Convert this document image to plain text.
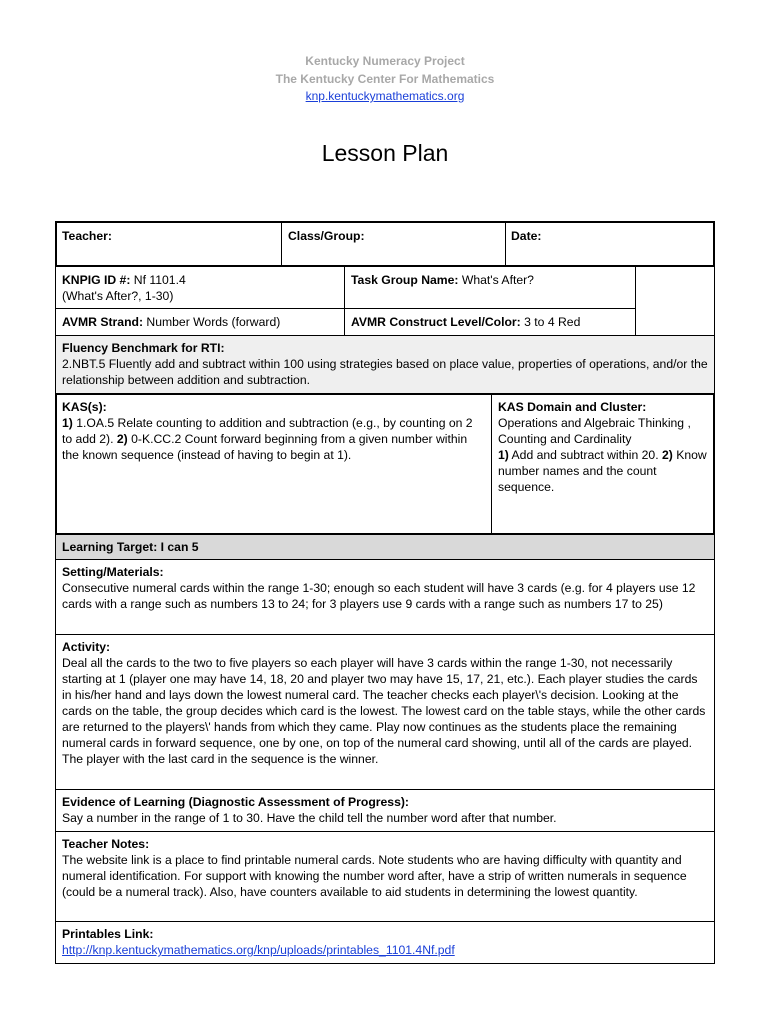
Kentucky Numeracy Project
The Kentucky Center For Mathematics
knp.kentuckymathematics.org
Lesson Plan
Teacher:	Class/Group:	Date:
KNPIG ID #: Nf 1101.4
(What's After?, 1-30)
Task Group Name: What's After?
AVMR Strand: Number Words (forward)	AVMR Construct Level/Color: 3 to 4 Red
Fluency Benchmark for RTI:
2.NBT.5 Fluently add and subtract within 100 using strategies based on place value, properties of operations, and/or the relationship between addition and subtraction.
KAS(s):
1) 1.OA.5 Relate counting to addition and subtraction (e.g., by counting on 2 to add 2). 2) 0-K.CC.2 Count forward beginning from a given number within the known sequence (instead of having to begin at 1).
KAS Domain and Cluster:
Operations and Algebraic Thinking , Counting and Cardinality
1) Add and subtract within 20. 2) Know number names and the count sequence.
Learning Target: I can 5
Setting/Materials:
Consecutive numeral cards within the range 1-30; enough so each student will have 3 cards (e.g. for 4 players use 12 cards with a range such as numbers 13 to 24; for 3 players use 9 cards with a range such as numbers 17 to 25)
Activity:
Deal all the cards to the two to five players so each player will have 3 cards within the range 1-30, not necessarily starting at 1 (player one may have 14, 18, 20 and player two may have 15, 17, 21, etc.). Each player studies the cards in his/her hand and lays down the lowest numeral card. The teacher checks each player\'s decision. Looking at the cards on the table, the group decides which card is the lowest. The lowest card on the table stays, while the other cards are returned to the players\' hands from which they came. Play now continues as the students place the remaining numeral cards in forward sequence, one by one, on top of the numeral card showing, until all of the cards are played. The player with the last card in the sequence is the winner.
Evidence of Learning (Diagnostic Assessment of Progress):
Say a number in the range of 1 to 30. Have the child tell the number word after that number.
Teacher Notes:
The website link is a place to find printable numeral cards. Note students who are having difficulty with quantity and numeral identification. For support with knowing the number word after, have a strip of written numerals in sequence (could be a numeral track). Also, have counters available to aid students in determining the lowest quantity.
Printables Link:
http://knp.kentuckymathematics.org/knp/uploads/printables_1101.4Nf.pdf
